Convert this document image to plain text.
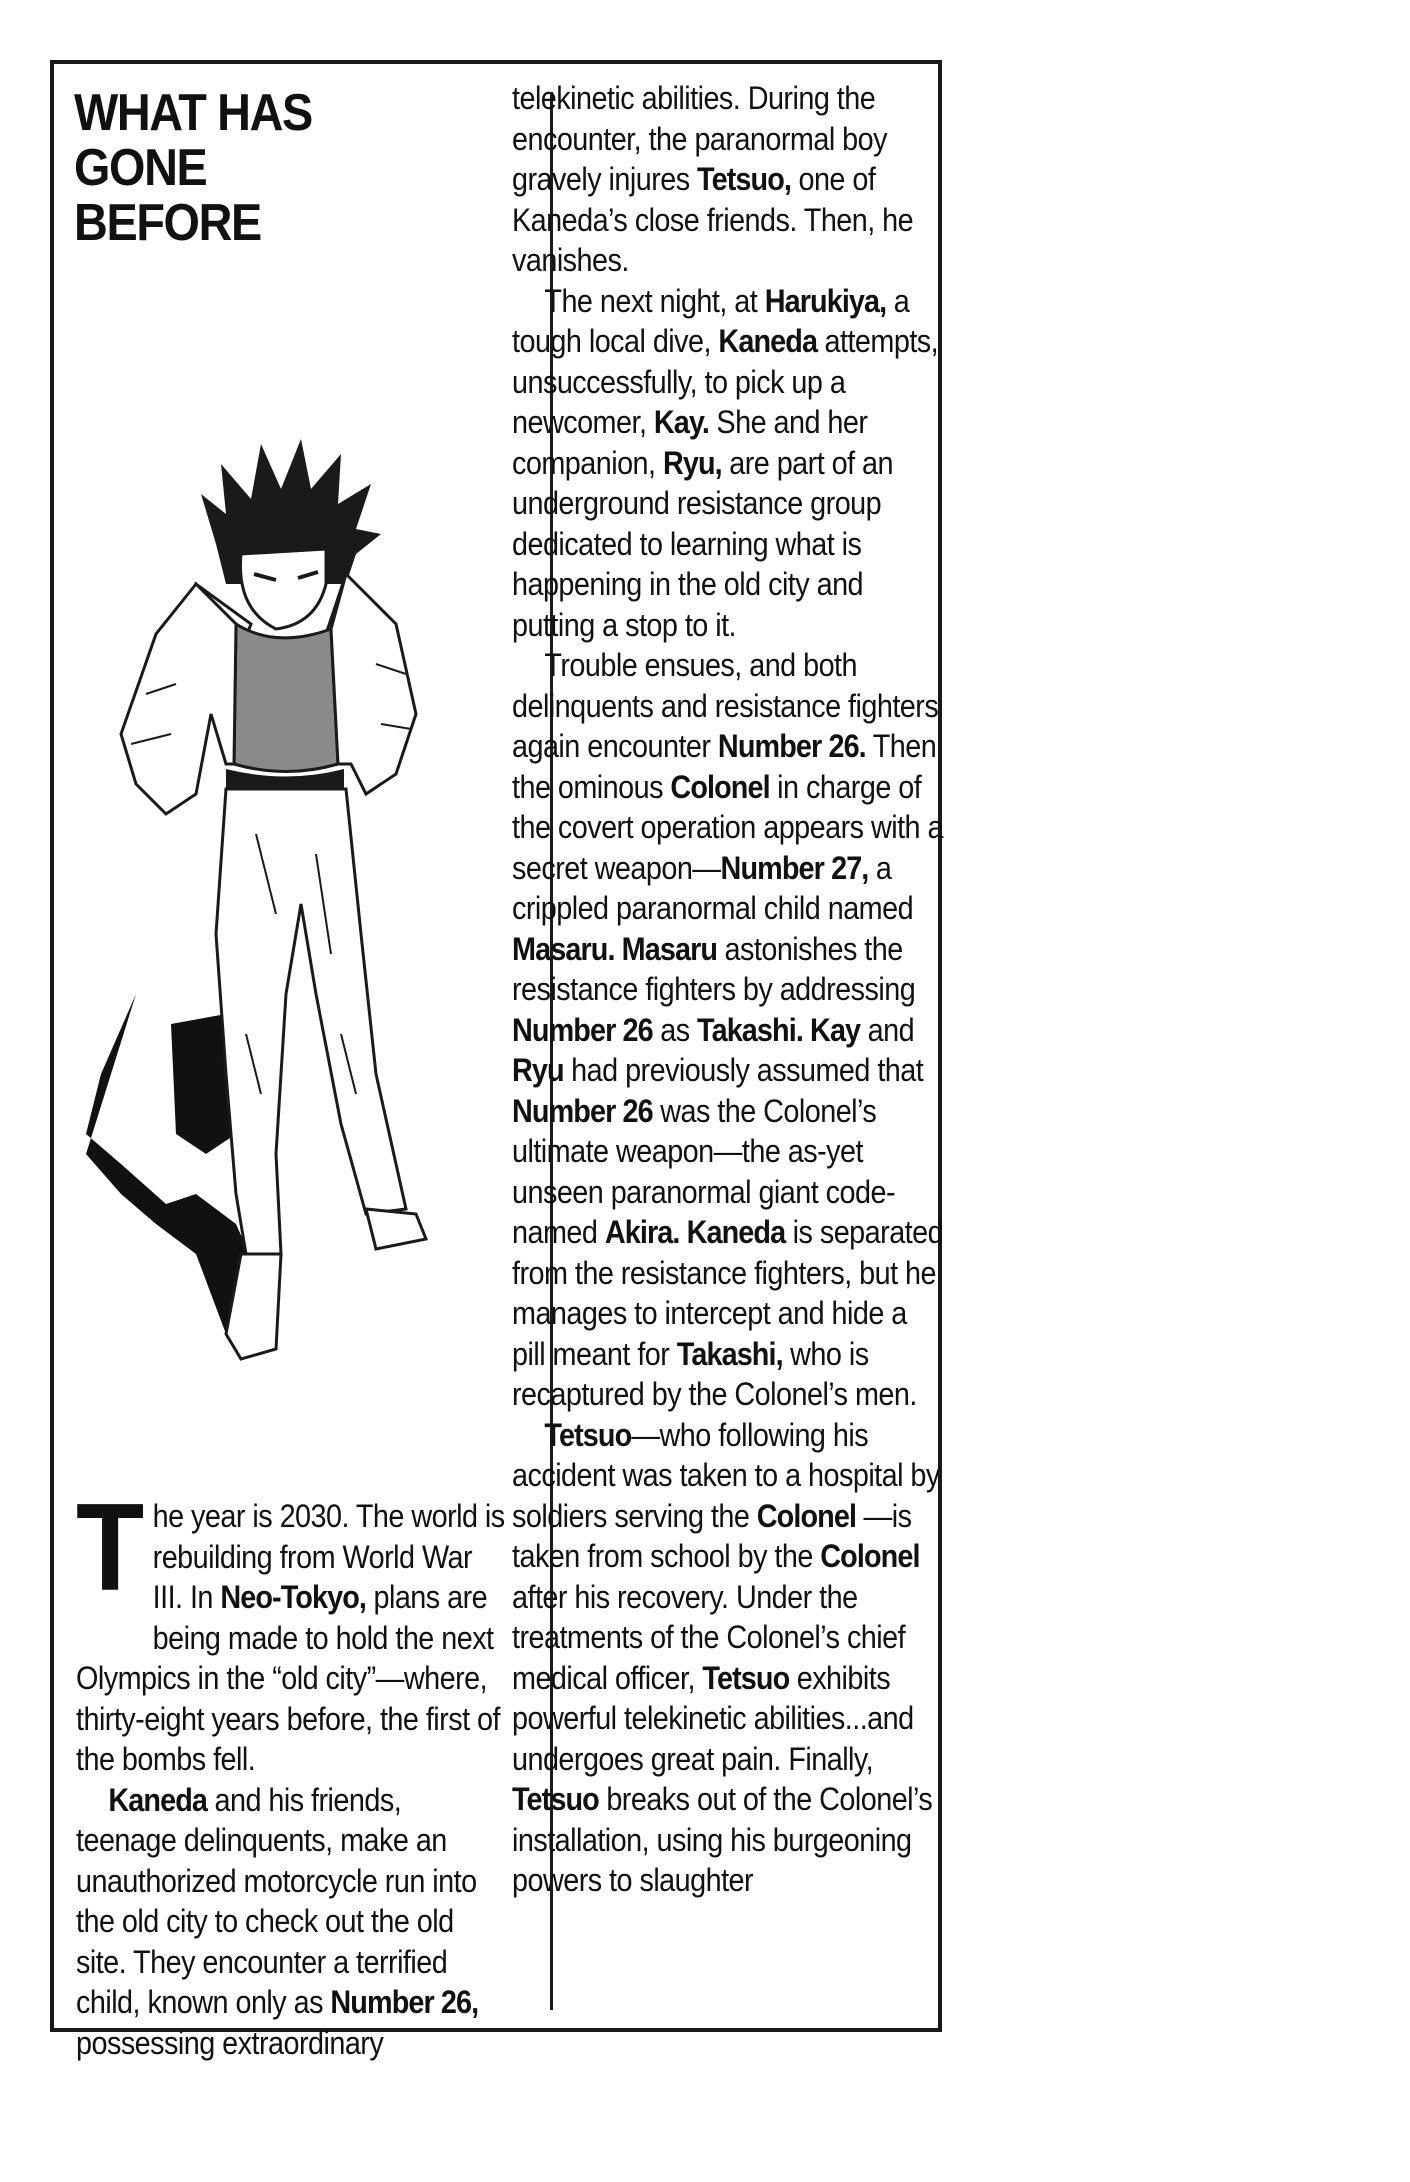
WHAT HAS
GONE
BEFORE

The year is 2030. The world is rebuilding from World War III. In Neo-Tokyo, plans are being made to hold the next Olympics in the “old city”—where, thirty-eight years before, the first of the bombs fell.

Kaneda and his friends, teenage delinquents, make an unauthorized motorcycle run into the old city to check out the old site. They encounter a terrified child, known only as Number 26, possessing extraordinary

telekinetic abilities. During the encounter, the paranormal boy gravely injures Tetsuo, one of Kaneda’s close friends. Then, he vanishes.

The next night, at Harukiya, a tough local dive, Kaneda attempts, unsuccessfully, to pick up a newcomer, Kay. She and her companion, Ryu, are part of an underground resistance group dedicated to learning what is happening in the old city and putting a stop to it.

Trouble ensues, and both delinquents and resistance fighters again encounter Number 26. Then the ominous Colonel in charge of the covert operation appears with a secret weapon—Number 27, a crippled paranormal child named Masaru. Masaru astonishes the resistance fighters by addressing Number 26 as Takashi. Kay and Ryu had previously assumed that Number 26 was the Colonel’s ultimate weapon—the as-yet unseen paranormal giant code-named Akira. Kaneda is separated from the resistance fighters, but he manages to intercept and hide a pill meant for Takashi, who is recaptured by the Colonel’s men.

Tetsuo—who following his accident was taken to a hospital by soldiers serving the Colonel —is taken from school by the Colonel after his recovery. Under the treatments of the Colonel’s chief medical officer, Tetsuo exhibits powerful telekinetic abilities...and undergoes great pain. Finally, Tetsuo breaks out of the Colonel’s installation, using his burgeoning powers to slaughter
